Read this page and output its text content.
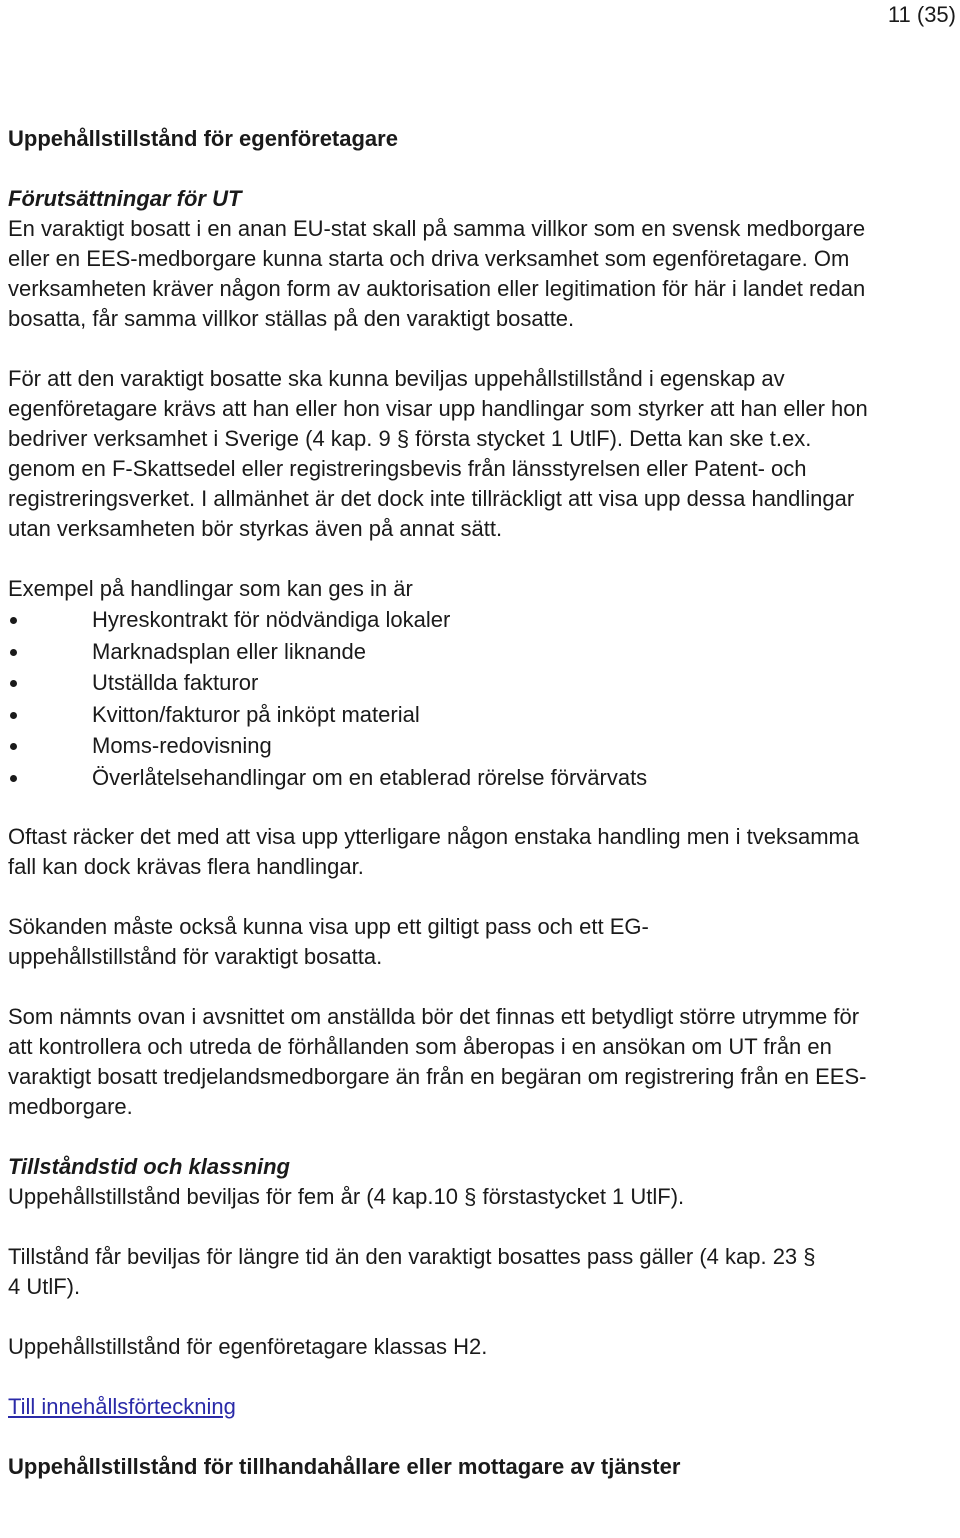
11 (35)
Uppehållstillstånd för egenföretagare
Förutsättningar för UT

En varaktigt bosatt i en anan EU-stat skall på samma villkor som en svensk medborgare eller en EES-medborgare kunna starta och driva verksamhet som egenföretagare. Om verksamheten kräver någon form av auktorisation eller legitimation för här i landet redan bosatta, får samma villkor ställas på den varaktigt bosatte.

För att den varaktigt bosatte ska kunna beviljas uppehållstillstånd i egenskap av egenföretagare krävs att han eller hon visar upp handlingar som styrker att han eller hon bedriver verksamhet i Sverige (4 kap. 9 § första stycket 1 UtlF). Detta kan ske t.ex. genom en F-Skattsedel eller registreringsbevis från länsstyrelsen eller Patent- och registreringsverket. I allmänhet är det dock inte tillräckligt att visa upp dessa handlingar utan verksamheten bör styrkas även på annat sätt.

Exempel på handlingar som kan ges in är

Hyreskontrakt för nödvändiga lokaler
Marknadsplan eller liknande
Utställda fakturor
Kvitton/fakturor på inköpt material
Moms-redovisning
Överlåtelsehandlingar om en etablerad rörelse förvärvats

Oftast räcker det med att visa upp ytterligare någon enstaka handling men i tveksamma fall kan dock krävas flera handlingar.

Sökanden måste också kunna visa upp ett giltigt pass och ett EG-uppehållstillstånd för varaktigt bosatta.

Som nämnts ovan i avsnittet om anställda bör det finnas ett betydligt större utrymme för att kontrollera och utreda de förhållanden som åberopas i en ansökan om UT från en varaktigt bosatt tredjelandsmedborgare än från en begäran om registrering från en EES-medborgare.

Tillståndstid och klassning

Uppehållstillstånd beviljas för fem år (4 kap.10 § förstastycket 1 UtlF).

Tillstånd får beviljas för längre tid än den varaktigt bosattes pass gäller (4 kap. 23 § 4 UtlF).

Uppehållstillstånd för egenföretagare klassas H2.

Till innehållsförteckning
Uppehållstillstånd för tillhandahållare eller mottagare av tjänster
